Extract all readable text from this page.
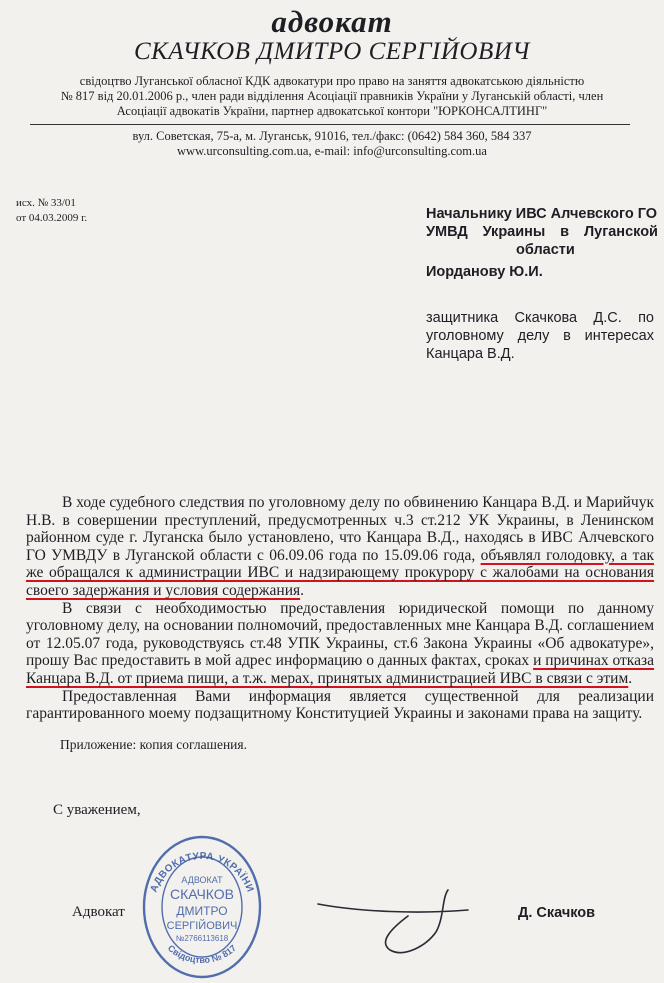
адвокат
СКАЧКОВ ДМИТРО СЕРГІЙОВИЧ
свідоцтво Луганської обласної КДК адвокатури про право на заняття адвокатською діяльністю
№ 817 від 20.01.2006 р., член ради відділення Асоціації правників України у Луганській області, член
Асоціації адвокатів України, партнер адвокатської контори "ЮРКОНСАЛТИНГ"
вул. Советская, 75-а, м. Луганськ, 91016, тел./факс: (0642) 584 360, 584 337
www.urconsulting.com.ua, e-mail: info@urconsulting.com.ua
исх. № 33/01
от 04.03.2009 г.	Начальнику ИВС Алчевского ГО
УМВД Украины в Луганской
области
Иорданову Ю.И.
защитника Скачкова Д.С. по уголовному делу в интересах Канцара В.Д.

В ходе судебного следствия по уголовному делу по обвинению Канцара В.Д. и Марийчук Н.В. в совершении преступлений, предусмотренных ч.3 ст.212 УК Украины, в Ленинском районном суде г. Луганска было установлено, что Канцара В.Д., находясь в ИВС Алчевского ГО УМВДУ в Луганской области с 06.09.06 года по 15.09.06 года, объявлял голодовку, а так же обращался к администрации ИВС и надзирающему прокурору с жалобами на основания своего задержания и условия содержания.

В связи с необходимостью предоставления юридической помощи по данному уголовному делу, на основании полномочий, предоставленных мне Канцара В.Д. соглашением от 12.05.07 года, руководствуясь ст.48 УПК Украины, ст.6 Закона Украины «Об адвокатуре», прошу Вас предоставить в мой адрес информацию о данных фактах, сроках и причинах отказа Канцара В.Д. от приема пищи, а т.ж. мерах, принятых администрацией ИВС в связи с этим.

Предоставленная Вами информация является существенной для реализации гарантированного моему подзащитному Конституцией Украины и законами права на защиту.

Приложение: копия соглашения.
С уважением,
Адвокат	Д. Скачков
АДВОКАТУРА УКРАЇНИ
Свідоцтво № 817
АДВОКАТ
СКАЧКОВ
ДМИТРО
СЕРГІЙОВИЧ
№2766113618
